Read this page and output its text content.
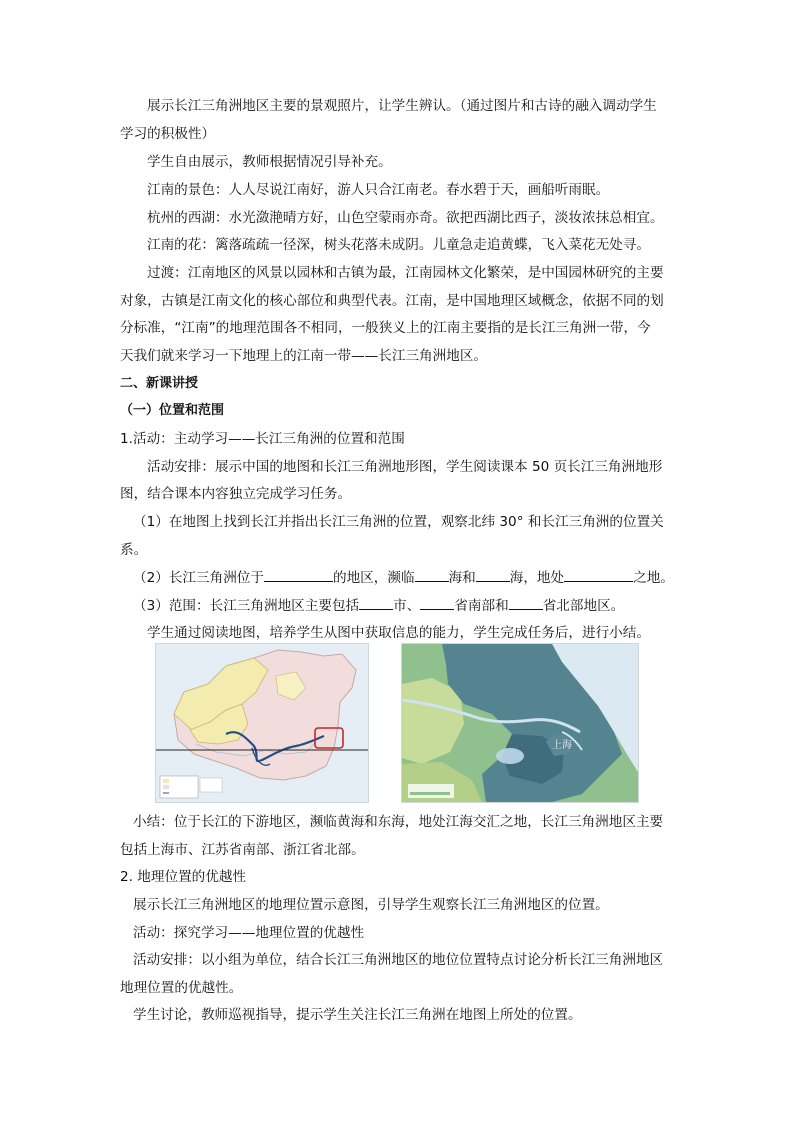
展示长江三角洲地区主要的景观照片，让学生辨认。（通过图片和古诗的融入调动学生
学习的积极性）
学生自由展示，教师根据情况引导补充。
江南的景色：人人尽说江南好，游人只合江南老。春水碧于天，画船听雨眠。
杭州的西湖：水光潋滟晴方好，山色空蒙雨亦奇。欲把西湖比西子，淡妆浓抹总相宜。
江南的花：篱落疏疏一径深，树头花落未成阴。儿童急走追黄蝶，飞入菜花无处寻。
过渡：江南地区的风景以园林和古镇为最，江南园林文化繁荣，是中国园林研究的主要
对象，古镇是江南文化的核心部位和典型代表。江南，是中国地理区域概念，依据不同的划
分标准，“江南”的地理范围各不相同，一般狭义上的江南主要指的是长江三角洲一带，今
天我们就来学习一下地理上的江南一带——长江三角洲地区。
二、新课讲授
（一）位置和范围
1.活动：主动学习——长江三角洲的位置和范围
活动安排：展示中国的地图和长江三角洲地形图，学生阅读课本 50 页长江三角洲地形
图，结合课本内容独立完成学习任务。
（1）在地图上找到长江并指出长江三角洲的位置，观察北纬 30° 和长江三角洲的位置关
系。
（2）长江三角洲位于	的地区，濒临	海和	海，地处	之地。
（3）范围：长江三角洲地区主要包括	市、	省南部和	省北部地区。
学生通过阅读地图，培养学生从图中获取信息的能力，学生完成任务后，进行小结。
上海
小结：位于长江的下游地区，濒临黄海和东海，地处江海交汇之地，长江三角洲地区主要
包括上海市、江苏省南部、浙江省北部。
2. 地理位置的优越性
展示长江三角洲地区的地理位置示意图，引导学生观察长江三角洲地区的位置。
活动：探究学习——地理位置的优越性
活动安排：以小组为单位，结合长江三角洲地区的地位位置特点讨论分析长江三角洲地区
地理位置的优越性。
学生讨论，教师巡视指导，提示学生关注长江三角洲在地图上所处的位置。
